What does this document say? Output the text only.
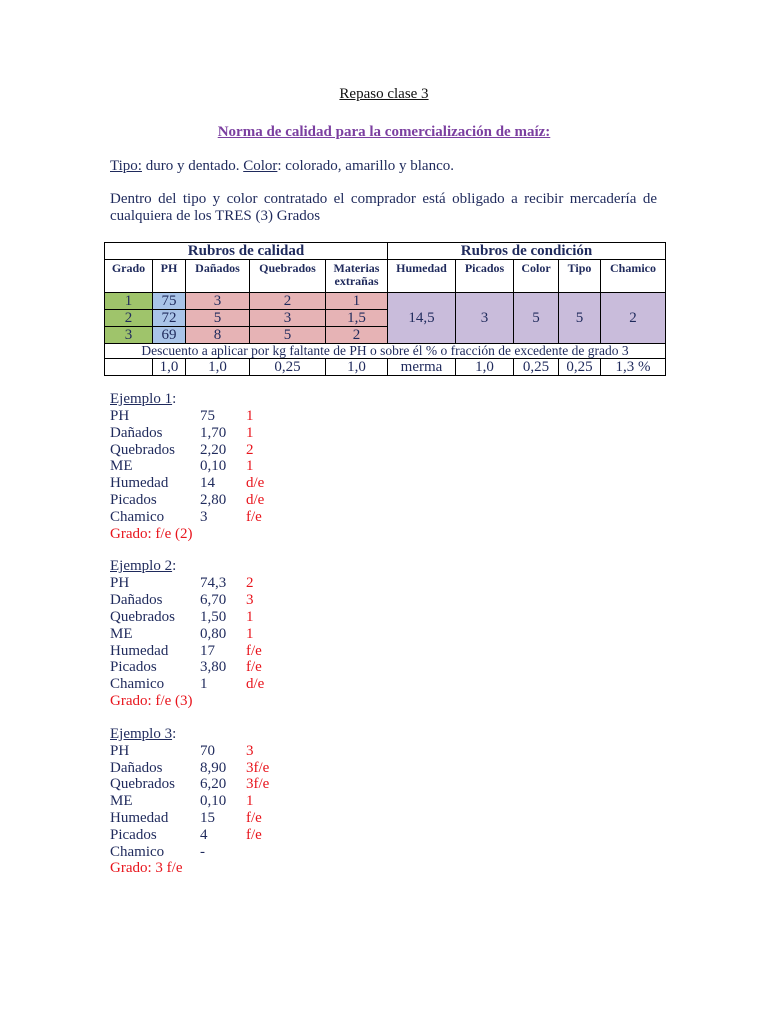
Repaso clase 3
Norma de calidad para la comercialización de maíz:
Tipo: duro y dentado. Color: colorado, amarillo y blanco.
Dentro del tipo y color contratado el comprador está obligado a recibir mercadería de cualquiera de los TRES (3) Grados
Rubros de calidad					Rubros de condición				
Grado	PH	Dañados	Quebrados	Materias extrañas	Humedad	Picados	Color	Tipo	Chamico
1	75	3	2	1	14,5	3	5	5	2
2	72	5	3	1,5					
3	69	8	5	2					
Descuento a aplicar por kg faltante de PH o sobre él % o fracción de excedente de grado 3									
	1,0	1,0	0,25	1,0	merma	1,0	0,25	0,25	1,3 %
Ejemplo 1:
PH	75 1
Dañados	1,70 1
Quebrados 2,20 2
ME	0,10 1
Humedad 14 d/e
Picados	2,80 d/e
Chamico 3	f/e
Grado: f/e (2)
Ejemplo 2:
PH	74,3 2
Dañados	6,70 3
Quebrados 1,50 1
ME	0,80 1
Humedad 17 f/e
Picados	3,80 f/e
Chamico 1	d/e
Grado: f/e (3)
Ejemplo 3:
PH	70 3
Dañados	8,90 3f/e
Quebrados 6,20 3f/e
ME	0,10 1
Humedad 15 f/e
Picados	4	f/e
Chamico -
Grado: 3 f/e
